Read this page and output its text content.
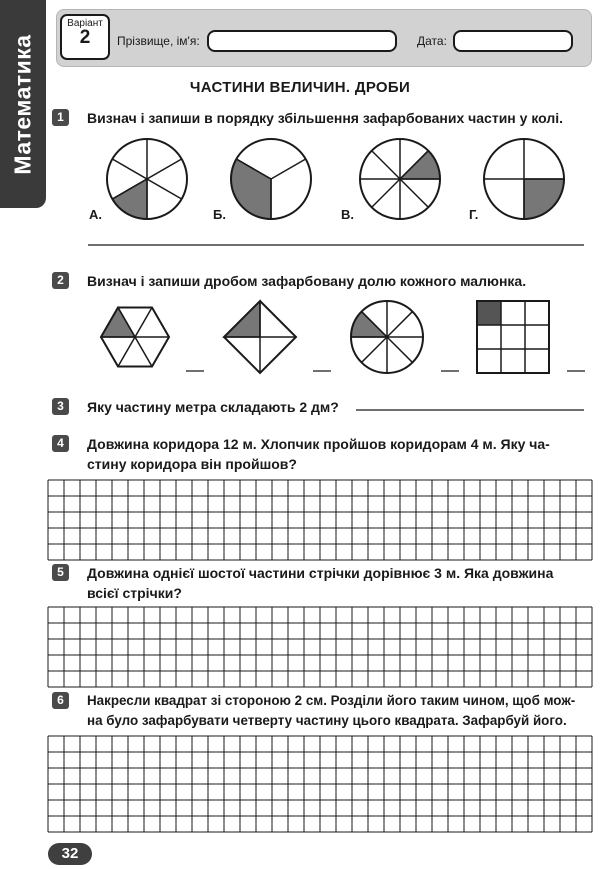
Математика
Варіант
2	Прізвище, ім'я:	Дата:
ЧАСТИНИ ВЕЛИЧИН. ДРОБИ
1	Визнач і запиши в порядку збільшення зафарбованих частин у колі.
А.	Б.	В.	Г.
2	Визнач і запиши дробом зафарбовану долю кожного малюнка.
3	Яку частину метра складають 2 дм?
4	Довжина коридора 12 м. Хлопчик пройшов коридорам 4 м. Яку ча-
стину коридора він пройшов?
5	Довжина однієї шостої частини стрічки дорівнює 3 м. Яка довжина
всієї стрічки?
6	Накресли квадрат зі стороною 2 см. Розділи його таким чином, щоб мож-
на було зафарбувати четверту частину цього квадрата. Зафарбуй його.
32
